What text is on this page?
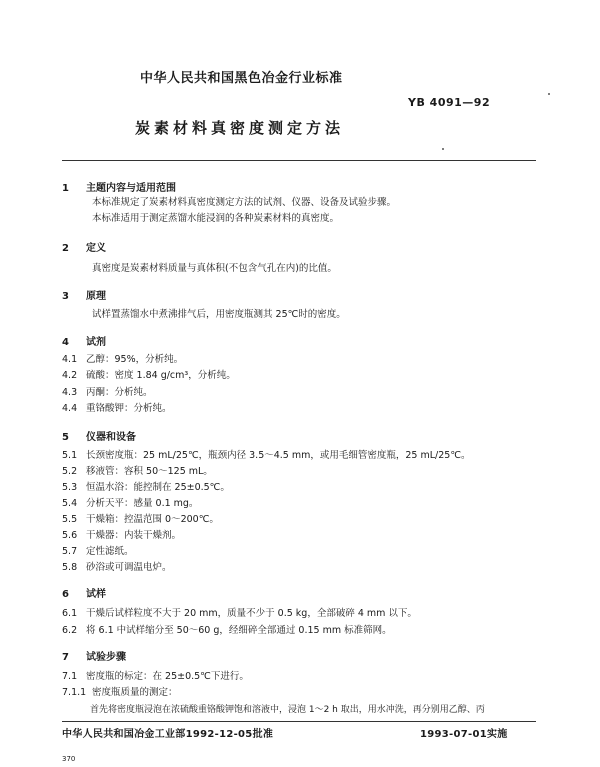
中华人民共和国黑色冶金行业标准
YB 4091—92
炭素材料真密度测定方法
1 主题内容与适用范围
本标准规定了炭素材料真密度测定方法的试剂、仪器、设备及试验步骤。
本标准适用于测定蒸馏水能浸润的各种炭素材料的真密度。
2 定义
真密度是炭素材料质量与真体积(不包含气孔在内)的比值。
3 原理
试样置蒸馏水中煮沸排气后，用密度瓶测其 25℃时的密度。
4 试剂
4.1 乙醇：95%，分析纯。
4.2 硫酸：密度 1.84 g/cm³，分析纯。
4.3 丙酮：分析纯。
4.4 重铬酸钾：分析纯。
5 仪器和设备
5.1 长颈密度瓶：25 mL/25℃，瓶颈内径 3.5～4.5 mm，或用毛细管密度瓶，25 mL/25℃。
5.2 移液管：容积 50～125 mL。
5.3 恒温水浴：能控制在 25±0.5℃。
5.4 分析天平：感量 0.1 mg。
5.5 干燥箱：控温范围 0～200℃。
5.6 干燥器：内装干燥剂。
5.7 定性滤纸。
5.8 砂浴或可调温电炉。
6 试样
6.1 干燥后试样粒度不大于 20 mm，质量不少于 0.5 kg，全部破碎 4 mm 以下。
6.2 将 6.1 中试样缩分至 50～60 g，经细碎全部通过 0.15 mm 标准筛网。
7 试验步骤
7.1 密度瓶的标定：在 25±0.5℃下进行。
7.1.1 密度瓶质量的测定：
首先将密度瓶浸泡在浓硫酸重铬酸钾饱和溶液中，浸泡 1～2 h 取出，用水冲洗，再分别用乙醇、丙
中华人民共和国冶金工业部1992-12-05批准	1993-07-01实施
370
